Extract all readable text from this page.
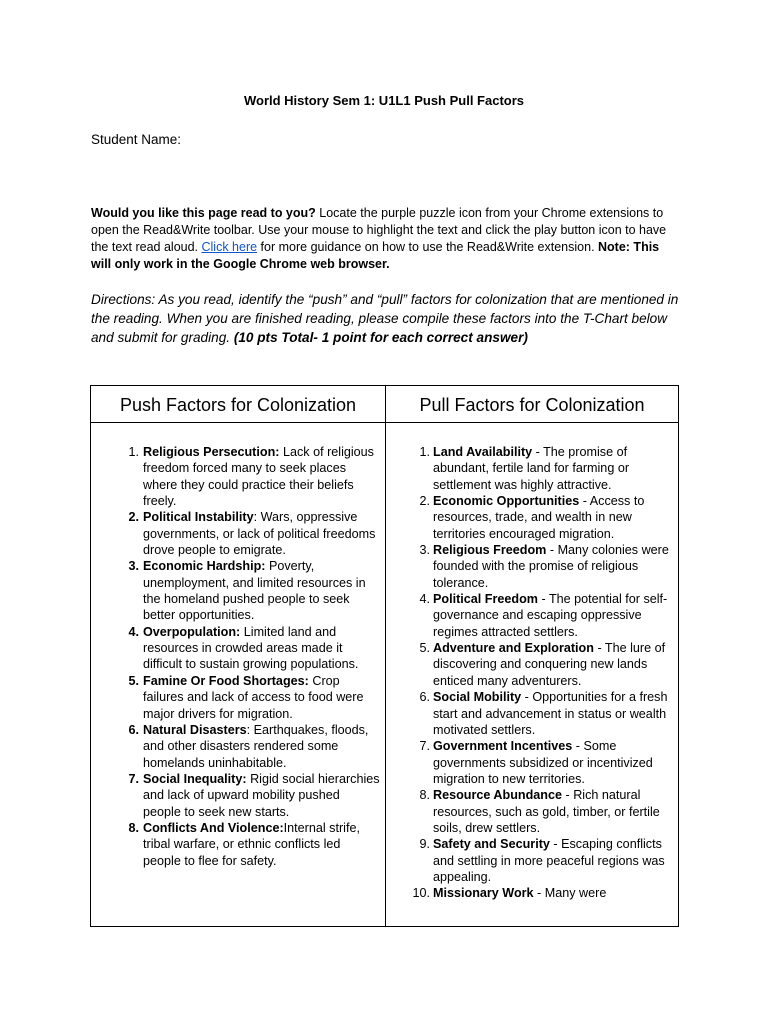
World History Sem 1: U1L1 Push Pull Factors
Student Name:
Would you like this page read to you? Locate the purple puzzle icon from your Chrome extensions to open the Read&Write toolbar. Use your mouse to highlight the text and click the play button icon to have the text read aloud. Click here for more guidance on how to use the Read&Write extension. Note: This will only work in the Google Chrome web browser.
Directions: As you read, identify the “push” and “pull” factors for colonization that are mentioned in the reading. When you are finished reading, please compile these factors into the T-Chart below and submit for grading. (10 pts Total- 1 point for each correct answer)
Push Factors for Colonization	Pull Factors for Colonization
1. Religious Persecution: Lack of religious freedom forced many to seek places where they could practice their beliefs freely.
2. Political Instability: Wars, oppressive governments, or lack of political freedoms drove people to emigrate.
3. Economic Hardship: Poverty, unemployment, and limited resources in the homeland pushed people to seek better opportunities.
4. Overpopulation: Limited land and resources in crowded areas made it difficult to sustain growing populations.
5. Famine Or Food Shortages: Crop failures and lack of access to food were major drivers for migration.
6. Natural Disasters: Earthquakes, floods, and other disasters rendered some homelands uninhabitable.
7. Social Inequality: Rigid social hierarchies and lack of upward mobility pushed people to seek new starts.
8. Conflicts And Violence:Internal strife, tribal warfare, or ethnic conflicts led people to flee for safety.
1. Land Availability - The promise of abundant, fertile land for farming or settlement was highly attractive.
2. Economic Opportunities - Access to resources, trade, and wealth in new territories encouraged migration.
3. Religious Freedom - Many colonies were founded with the promise of religious tolerance.
4. Political Freedom - The potential for self-governance and escaping oppressive regimes attracted settlers.
5. Adventure and Exploration - The lure of discovering and conquering new lands enticed many adventurers.
6. Social Mobility - Opportunities for a fresh start and advancement in status or wealth motivated settlers.
7. Government Incentives - Some governments subsidized or incentivized migration to new territories.
8. Resource Abundance - Rich natural resources, such as gold, timber, or fertile soils, drew settlers.
9. Safety and Security - Escaping conflicts and settling in more peaceful regions was appealing.
10. Missionary Work - Many were
